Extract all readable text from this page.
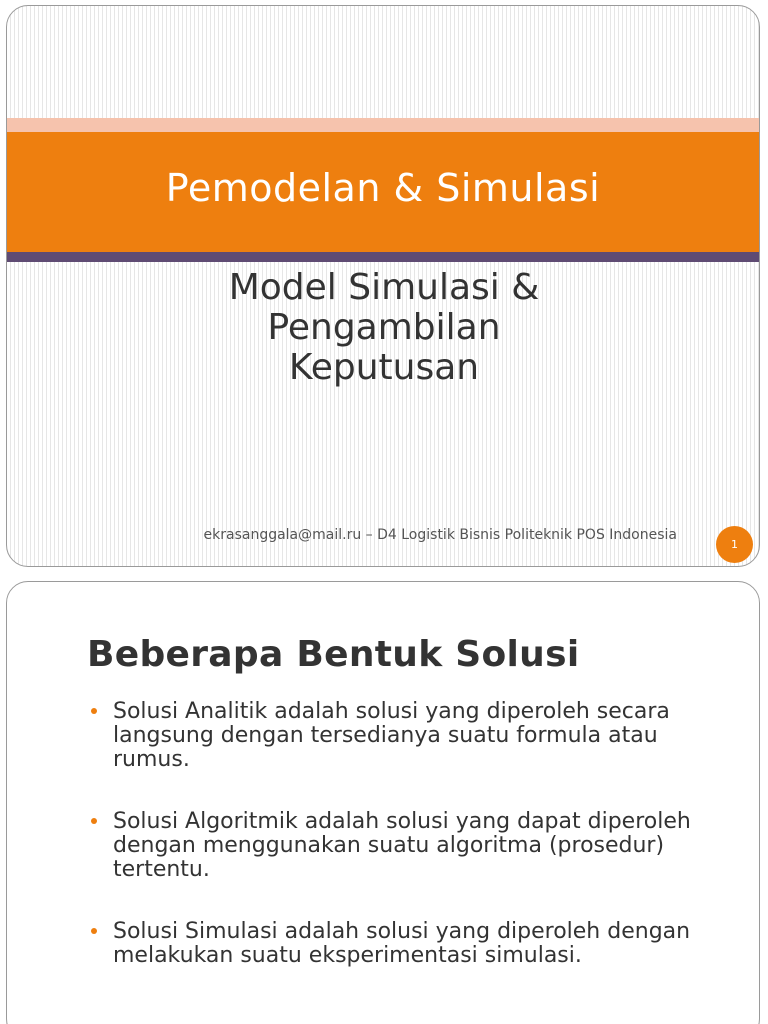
Pemodelan & Simulasi
Model Simulasi &
Pengambilan
Keputusan
ekrasanggala@mail.ru – D4 Logistik Bisnis Politeknik POS Indonesia
1
Beberapa Bentuk Solusi
Solusi Analitik adalah solusi yang diperoleh secara langsung dengan tersedianya suatu formula atau rumus.
Solusi Algoritmik adalah solusi yang dapat diperoleh dengan menggunakan suatu algoritma (prosedur) tertentu.
Solusi Simulasi adalah solusi yang diperoleh dengan melakukan suatu eksperimentasi simulasi.
